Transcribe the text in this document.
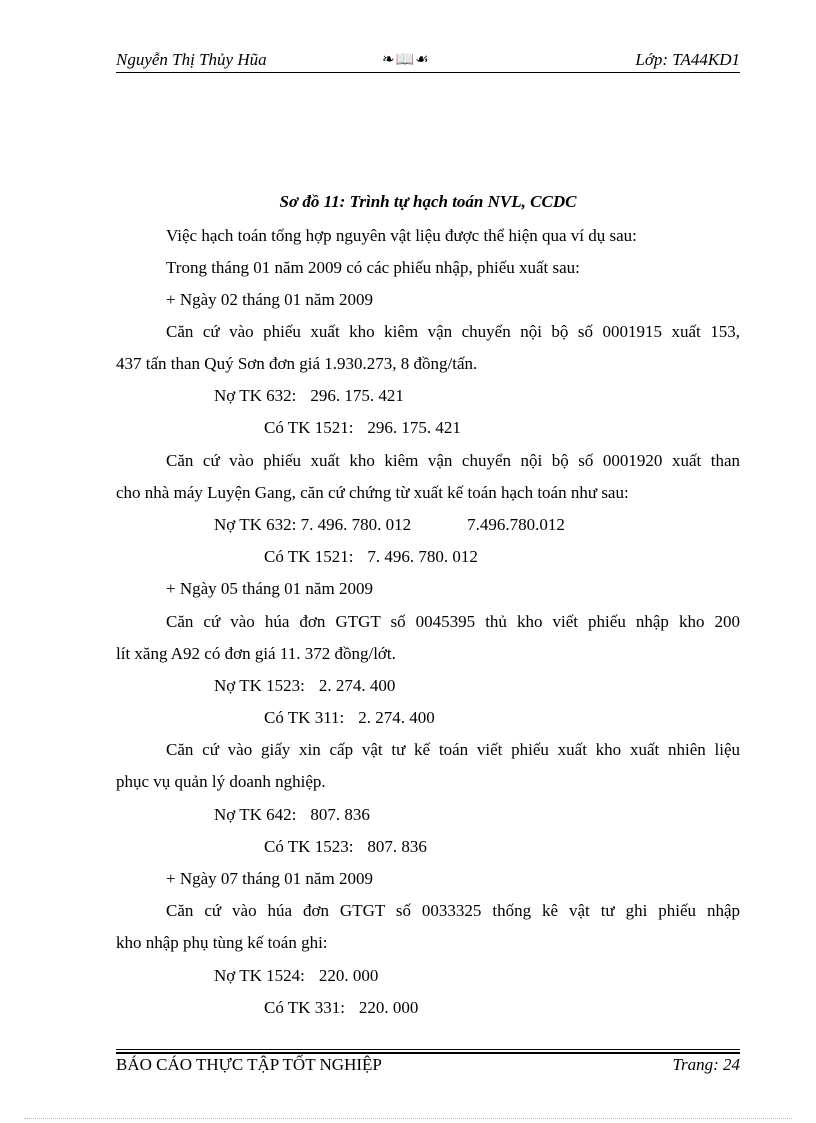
Nguyễn Thị Thủy Hũa	❧📖☙	Lớp: TA44KD1
Sơ đồ 11: Trình tự hạch toán NVL, CCDC
Việc hạch toán tổng hợp nguyên vật liệu được thể hiện qua ví dụ sau:
Trong tháng 01 năm 2009 có các phiếu nhập, phiếu xuất sau:
+ Ngày 02 tháng 01 năm 2009
Căn cứ vào phiếu xuất kho kiêm vận chuyển nội bộ số 0001915 xuất 153,
437 tấn than Quý Sơn đơn giá 1.930.273, 8 đồng/tấn.
Nợ TK 632: 296. 175. 421
Có TK 1521: 296. 175. 421
Căn cứ vào phiếu xuất kho kiêm vận chuyển nội bộ số 0001920 xuất than
cho nhà máy Luyện Gang, căn cứ chứng từ xuất kế toán hạch toán như sau:
Nợ TK 632: 7. 496. 780. 012	7.496.780.012
Có TK 1521: 7. 496. 780. 012
+ Ngày 05 tháng 01 năm 2009
Căn cứ vào húa đơn GTGT số 0045395 thủ kho viết phiếu nhập kho 200
lít xăng A92 có đơn giá 11. 372 đồng/lớt.
Nợ TK 1523: 2. 274. 400
Có TK 311: 2. 274. 400
Căn cứ vào giấy xin cấp vật tư kế toán viết phiếu xuất kho xuất nhiên liệu
phục vụ quản lý doanh nghiệp.
Nợ TK 642: 807. 836
Có TK 1523: 807. 836
+ Ngày 07 tháng 01 năm 2009
Căn cứ vào húa đơn GTGT số 0033325 thống kê vật tư ghi phiếu nhập
kho nhập phụ tùng kế toán ghi:
Nợ TK 1524: 220. 000
Có TK 331: 220. 000
BÁO CÁO THỰC TẬP TỐT NGHIỆP	Trang: 24
